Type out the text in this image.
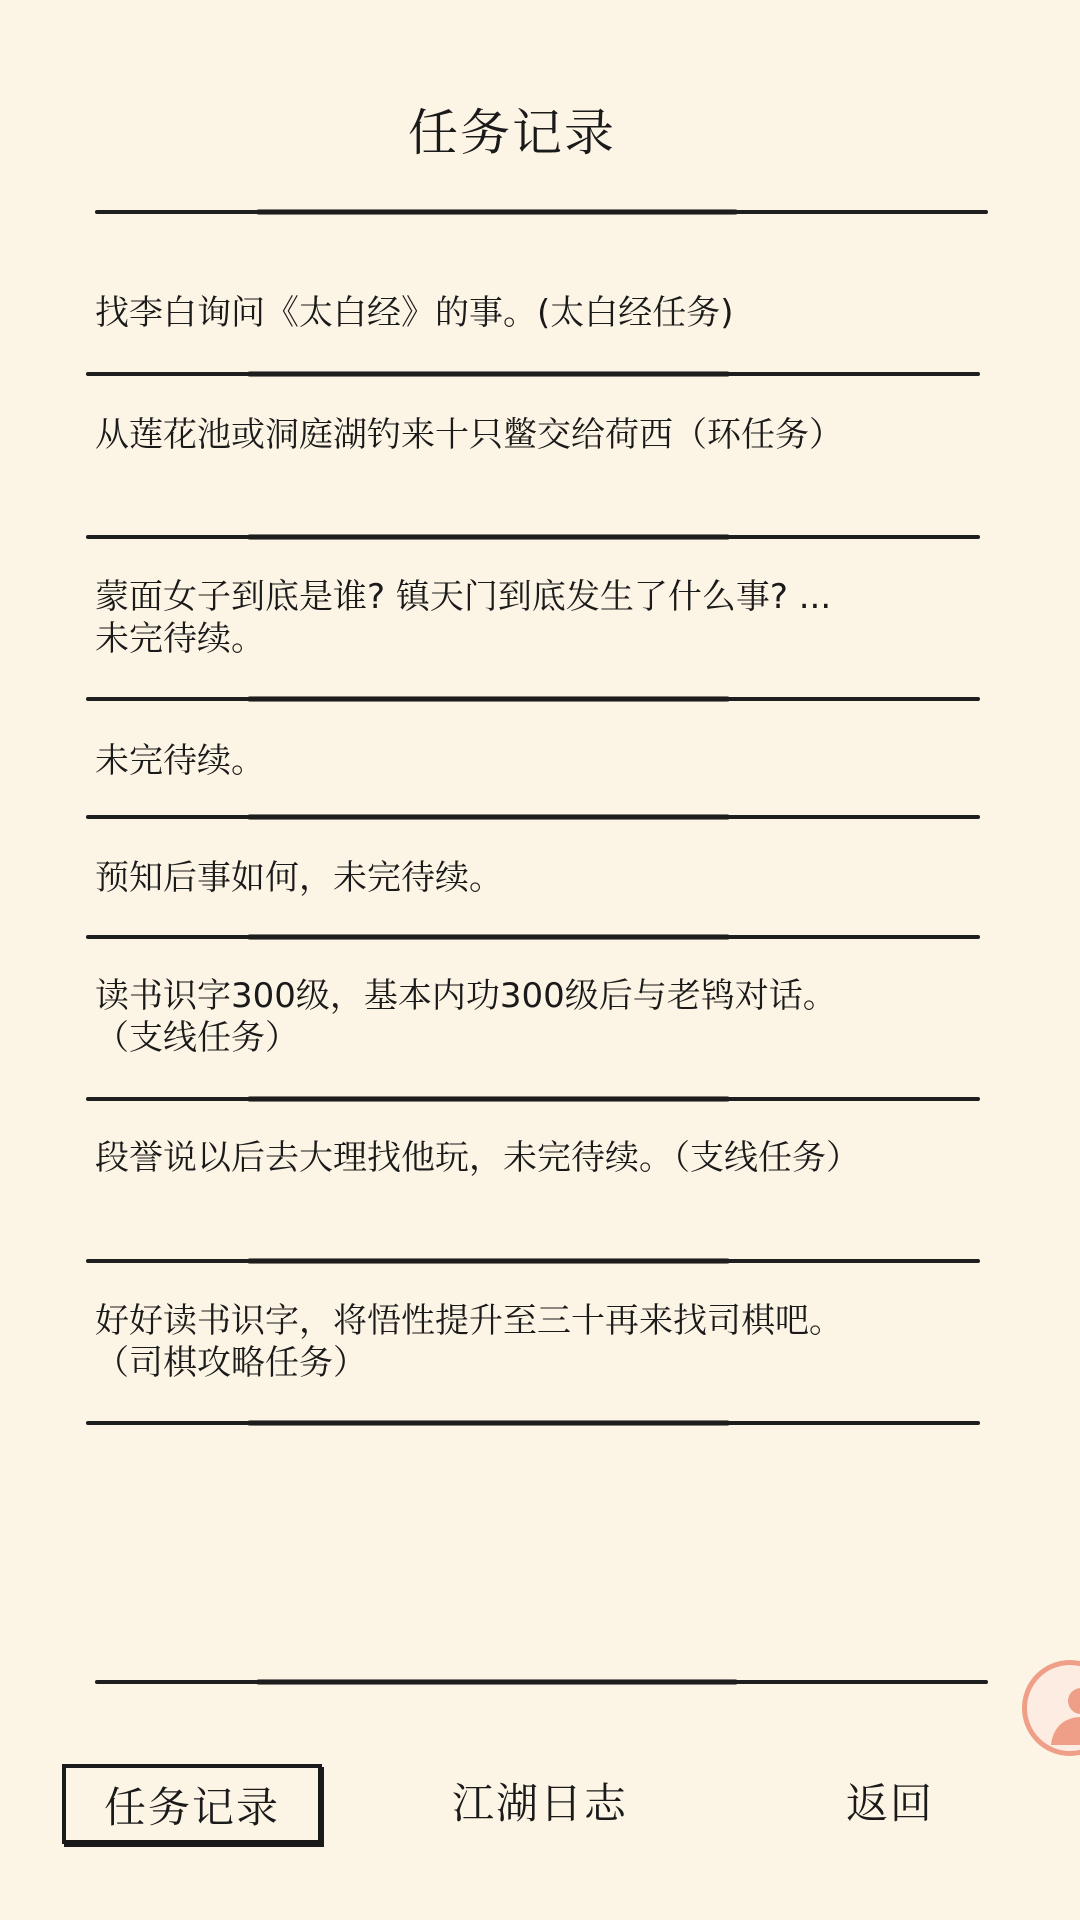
任务记录
找李白询问《太白经》的事。(太白经任务)
从莲花池或洞庭湖钓来十只鳖交给荷西（环任务）
蒙面女子到底是谁? 镇天门到底发生了什么事? ...未完待续。
未完待续。
预知后事如何，未完待续。
读书识字300级，基本内功300级后与老鸨对话。（支线任务）
段誉说以后去大理找他玩，未完待续。（支线任务）
好好读书识字，将悟性提升至三十再来找司棋吧。（司棋攻略任务）
任务记录	江湖日志	返回
